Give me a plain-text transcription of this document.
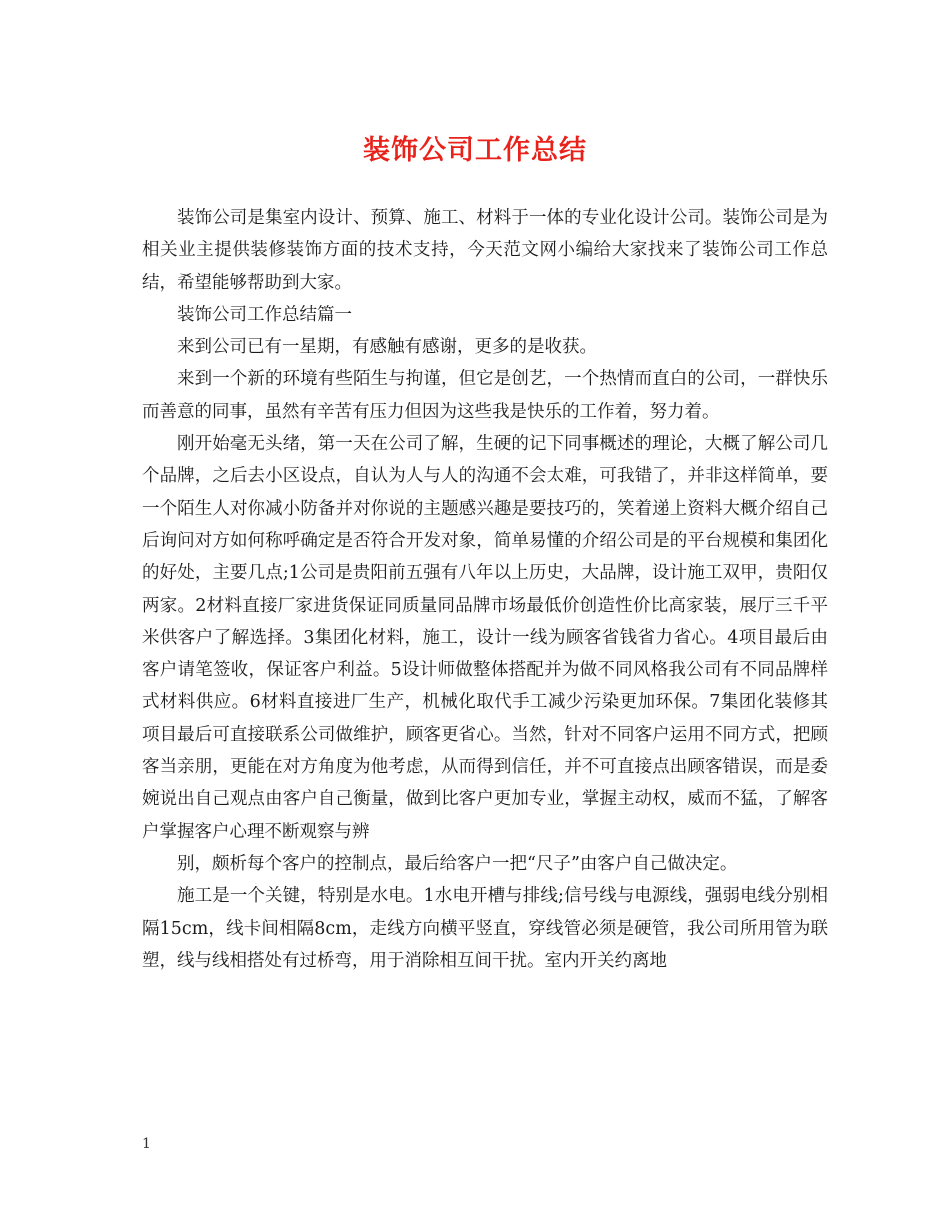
装饰公司工作总结

装饰公司是集室内设计、预算、施工、材料于一体的专业化设计公司。装饰公司是为相关业主提供装修装饰方面的技术支持，今天范文网小编给大家找来了装饰公司工作总结，希望能够帮助到大家。

装饰公司工作总结篇一

来到公司已有一星期，有感触有感谢，更多的是收获。

来到一个新的环境有些陌生与拘谨，但它是创艺，一个热情而直白的公司，一群快乐而善意的同事，虽然有辛苦有压力但因为这些我是快乐的工作着，努力着。

刚开始毫无头绪，第一天在公司了解，生硬的记下同事概述的理论，大概了解公司几个品牌，之后去小区设点，自认为人与人的沟通不会太难，可我错了，并非这样简单，要一个陌生人对你减小防备并对你说的主题感兴趣是要技巧的，笑着递上资料大概介绍自己后询问对方如何称呼确定是否符合开发对象，简单易懂的介绍公司是的平台规模和集团化的好处，主要几点;1公司是贵阳前五强有八年以上历史，大品牌，设计施工双甲，贵阳仅两家。2材料直接厂家进货保证同质量同品牌市场最低价创造性价比高家装，展厅三千平米供客户了解选择。3集团化材料，施工，设计一线为顾客省钱省力省心。4项目最后由客户请笔签收，保证客户利益。5设计师做整体搭配并为做不同风格我公司有不同品牌样式材料供应。6材料直接进厂生产，机械化取代手工减少污染更加环保。7集团化装修其项目最后可直接联系公司做维护，顾客更省心。当然，针对不同客户运用不同方式，把顾客当亲朋，更能在对方角度为他考虑，从而得到信任，并不可直接点出顾客错误，而是委婉说出自己观点由客户自己衡量，做到比客户更加专业，掌握主动权，威而不猛，了解客户掌握客户心理不断观察与辨

别，颇析每个客户的控制点，最后给客户一把“尺子”由客户自己做决定。

施工是一个关键，特别是水电。1水电开槽与排线;信号线与电源线，强弱电线分别相隔15cm，线卡间相隔8cm，走线方向横平竖直，穿线管必须是硬管，我公司所用管为联塑，线与线相搭处有过桥弯，用于消除相互间干扰。室内开关约离地

1
